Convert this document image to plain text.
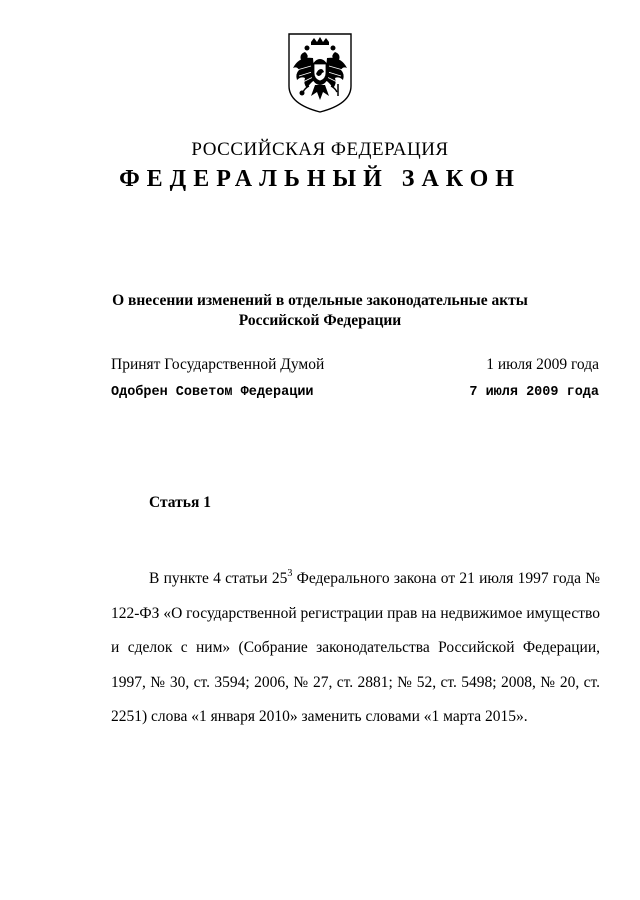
РОССИЙСКАЯ ФЕДЕРАЦИЯ
ФЕДЕРАЛЬНЫЙ ЗАКОН
О внесении изменений в отдельные законодательные акты
Российской Федерации
Принят Государственной Думой	1 июля 2009 года
Одобрен Советом Федерации	7 июля 2009 года
Статья 1

В пункте 4 статьи $25^3$ Федерального закона от 21 июля 1997 года № 122-ФЗ «О государственной регистрации прав на недвижимое имущество и сделок с ним» (Собрание законодательства Российской Федерации, 1997, № 30, ст. 3594; 2006, № 27, ст. 2881; № 52, ст. 5498; 2008, № 20, ст. 2251) слова «1 января 2010» заменить словами «1 марта 2015».
